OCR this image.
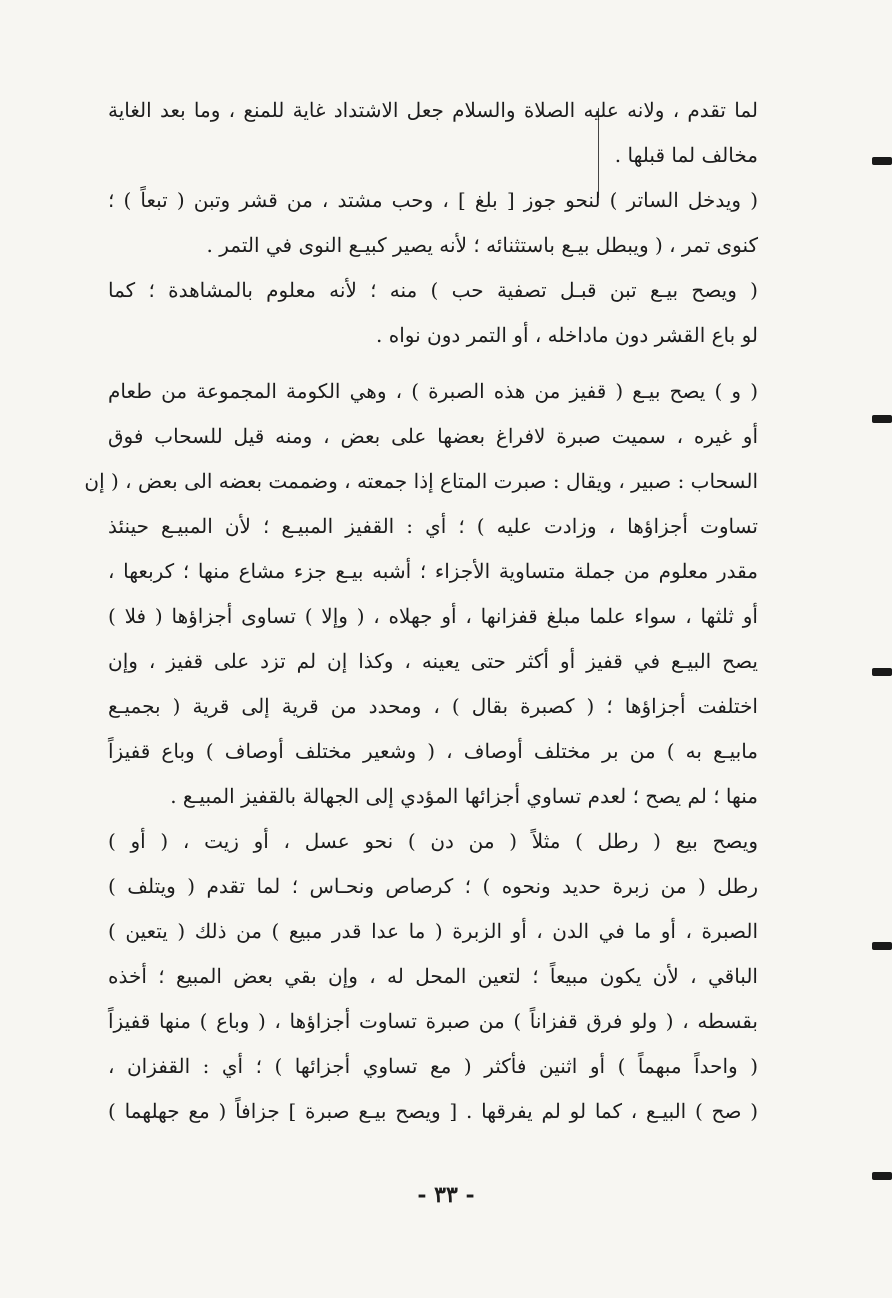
لما تقدم ، ولانه عليه الصلاة والسلام جعل الاشتداد غاية للمنع ، وما بعد الغاية
مخالف لما قبلها .
( ويدخل الساتر ) لنحو جوز [ بلغ ] ، وحب مشتد ، من قشر وتبن ( تبعاً ) ؛
كنوى تمر ، ( ويبطل بيـع باستثنائه ؛ لأنه يصير كبيـع النوى في التمر .
( ويصح بيـع تبن قبـل تصفية حب ) منه ؛ لأنه معلوم بالمشاهدة ؛ كما
لو باع القشر دون ماداخله ، أو التمر دون نواه .
( و ) يصح بيـع ( قفيز من هذه الصبرة ) ، وهي الكومة المجموعة من طعام
أو غيره ، سميت صبرة لافراغ بعضها على بعض ، ومنه قيل للسحاب فوق
السحاب : صبير ، ويقال : صبرت المتاع إذا جمعته ، وضممت بعضه الى بعض ، ( إن
تساوت أجزاؤها ، وزادت عليه ) ؛ أي : القفيز المبيـع ؛ لأن المبيـع حينئذ
مقدر معلوم من جملة متساوية الأجزاء ؛ أشبه بيـع جزء مشاع منها ؛ كربعها ،
أو ثلثها ، سواء علما مبلغ قفزانها ، أو جهلاه ، ( وإلا ) تساوى أجزاؤها ( فلا )
يصح البيـع في قفيز أو أكثر حتى يعينه ، وكذا إن لم تزد على قفيز ، وإن
اختلفت أجزاؤها ؛ ( كصبرة بقال ) ، ومحدد من قرية إلى قرية ( بجميـع
مابيـع به ) من بر مختلف أوصاف ، ( وشعير مختلف أوصاف ) وباع قفيزاً
منها ؛ لم يصح ؛ لعدم تساوي أجزائها المؤدي إلى الجهالة بالقفيز المبيـع .
ويصح بيع ( رطل ) مثلاً ( من دن ) نحو عسل ، أو زيت ، ( أو )
رطل ( من زبرة حديد ونحوه ) ؛ كرصاص ونحـاس ؛ لما تقدم ( ويتلف )
الصبرة ، أو ما في الدن ، أو الزبرة ( ما عدا قدر مبيع ) من ذلك ( يتعين )
الباقي ، لأن يكون مبيعاً ؛ لتعين المحل له ، وإن بقي بعض المبيع ؛ أخذه
بقسطه ، ( ولو فرق قفزاناً ) من صبرة تساوت أجزاؤها ، ( وباع ) منها قفيزاً
( واحداً مبهماً ) أو اثنين فأكثر ( مع تساوي أجزائها ) ؛ أي : القفزان ،
( صح ) البيـع ، كما لو لم يفرقها . [ ويصح بيـع صبرة ] جزافاً ( مع جهلهما )
- ٣٣ -
